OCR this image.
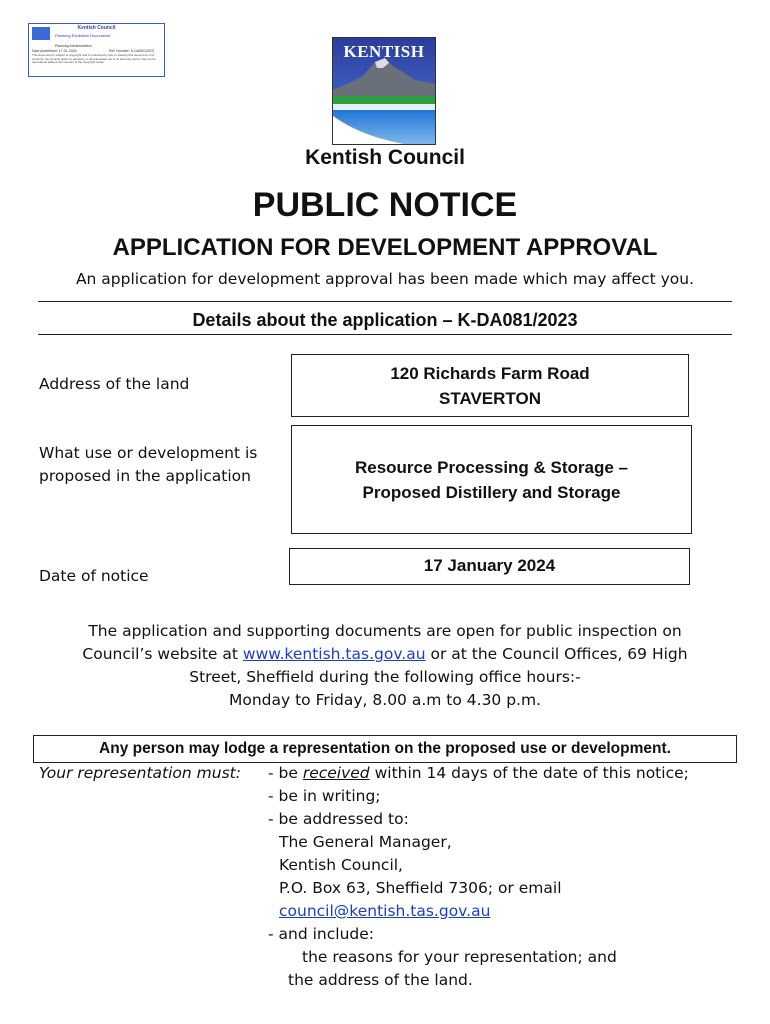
Kentish Council
Planning Exhibition Documents
Planning Administration
Date Advertised: 17-01-2024	Ref. Number: K-DA081/2023
This document is subject to copyright and is protected by law. In viewing this document or its contents, the Council gives no warranty or representation as to its accuracy and it may not be reproduced without the consent of the copyright owner.
KENTISH
Kentish Council
PUBLIC NOTICE
APPLICATION FOR DEVELOPMENT APPROVAL
An application for development approval has been made which may affect you.
Details about the application – K-DA081/2023
Address of the land
120 Richards Farm Road
STAVERTON
What use or development is
proposed in the application	Resource Processing & Storage –
Proposed Distillery and Storage
Date of notice
17 January 2024
The application and supporting documents are open for public inspection on
Council’s website at www.kentish.tas.gov.au or at the Council Offices, 69 High
Street, Sheffield during the following office hours:-
Monday to Friday, 8.00 a.m to 4.30 p.m.
Any person may lodge a representation on the proposed use or development.
Your representation must: - be received within 14 days of the date of this notice;
- be in writing;
- be addressed to:
The General Manager,
Kentish Council,
P.O. Box 63, Sheffield 7306; or email
council@kentish.tas.gov.au
- and include:
the reasons for your representation; and
the address of the land.
